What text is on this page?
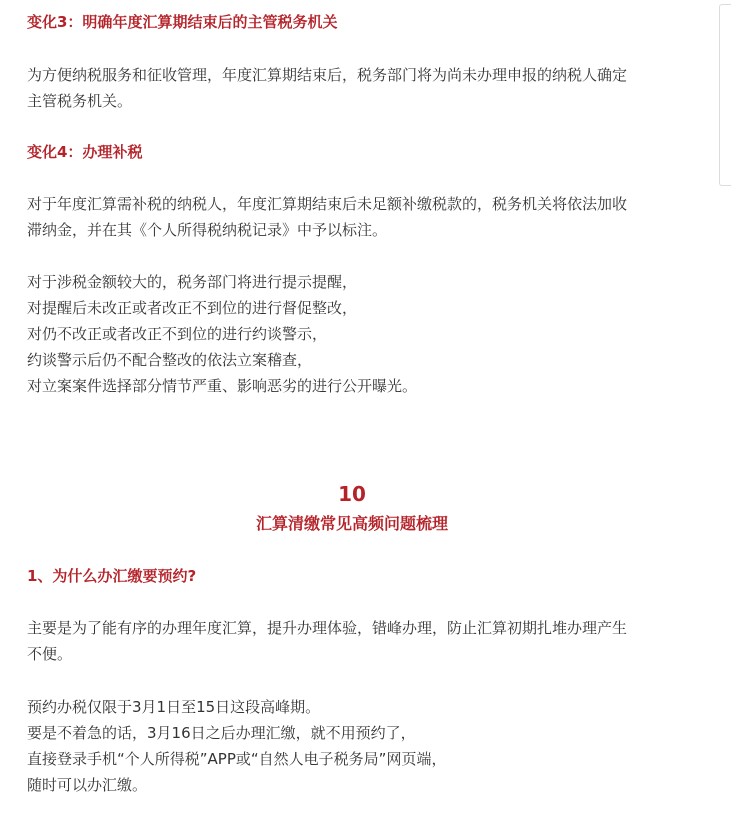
变化3：明确年度汇算期结束后的主管税务机关
为方便纳税服务和征收管理，年度汇算期结束后，税务部门将为尚未办理申报的纳税人确定
主管税务机关。
变化4：办理补税
对于年度汇算需补税的纳税人，年度汇算期结束后未足额补缴税款的，税务机关将依法加收
滞纳金，并在其《个人所得税纳税记录》中予以标注。
对于涉税金额较大的，税务部门将进行提示提醒，
对提醒后未改正或者改正不到位的进行督促整改，
对仍不改正或者改正不到位的进行约谈警示，
约谈警示后仍不配合整改的依法立案稽查，
对立案案件选择部分情节严重、影响恶劣的进行公开曝光。
10
汇算清缴常见高频问题梳理
1、为什么办汇缴要预约?
主要是为了能有序的办理年度汇算，提升办理体验，错峰办理，防止汇算初期扎堆办理产生
不便。
预约办税仅限于3月1日至15日这段高峰期。
要是不着急的话，3月16日之后办理汇缴，就不用预约了，
直接登录手机“个人所得税”APP或“自然人电子税务局”网页端，
随时可以办汇缴。
